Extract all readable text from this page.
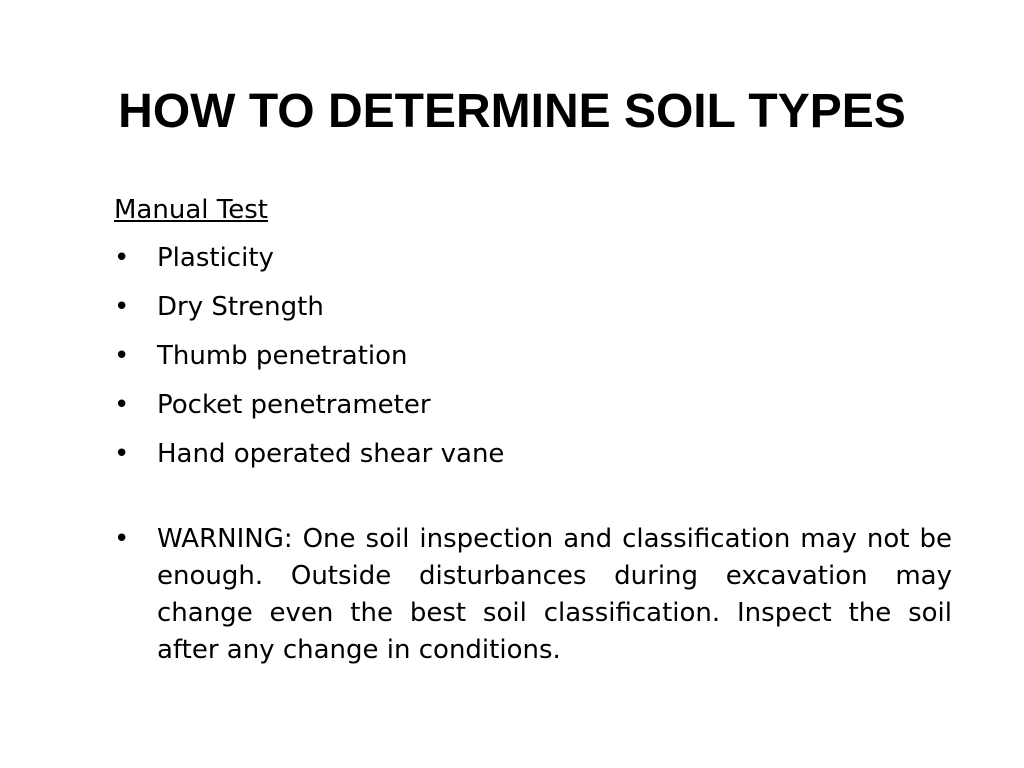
HOW TO DETERMINE SOIL TYPES

Manual Test

• Plasticity
• Dry Strength
• Thumb penetration
• Pocket penetrameter
• Hand operated shear vane
• WARNING: One soil inspection and classification may not be enough. Outside disturbances during excavation may change even the best soil classification. Inspect the soil after any change in conditions.
